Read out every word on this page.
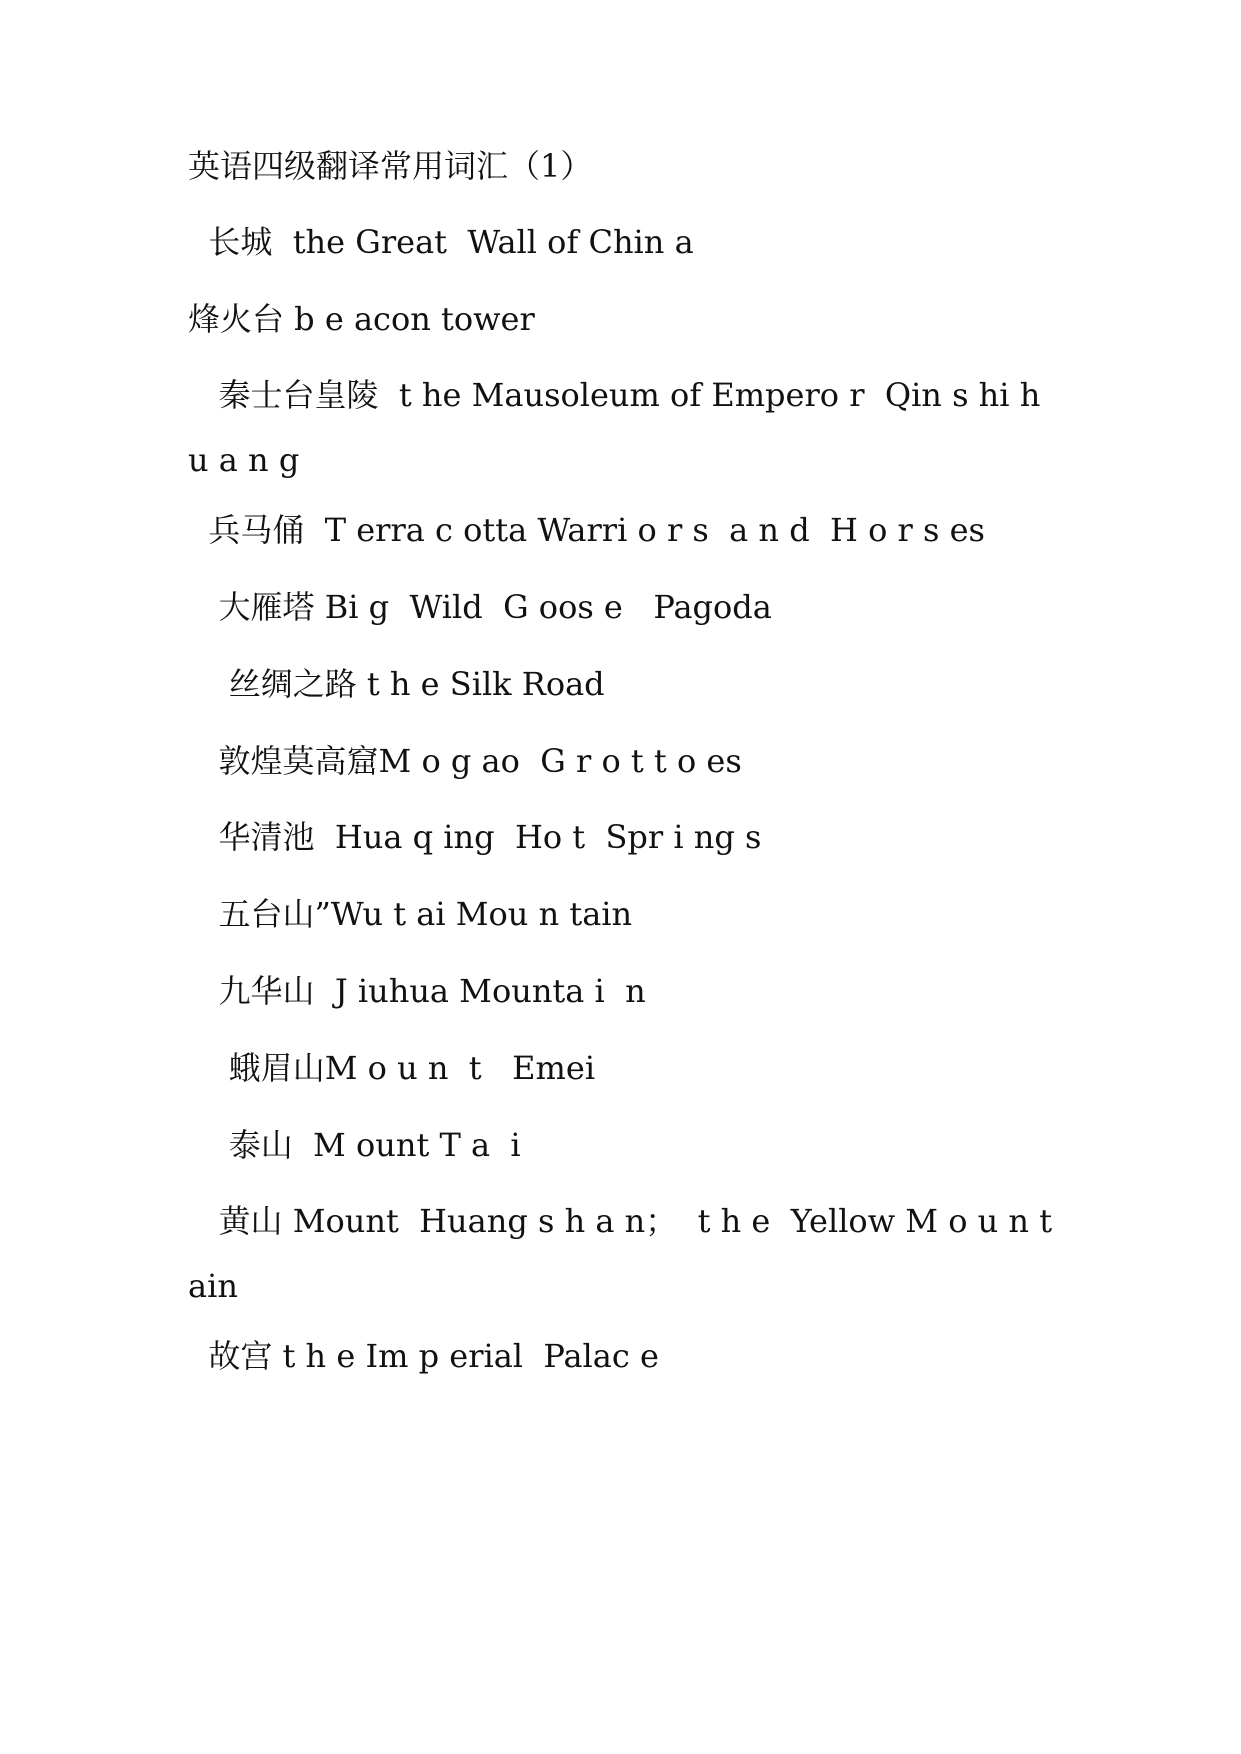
英语四级翻译常用词汇（1）

长城  the Great  Wall of Chin a

烽火台 b e acon tower

秦士台皇陵  t he Mausoleum of Empero r  Qin s hi h u a n g

兵马俑  T erra c otta Warri o r s  a n d  H o r s es

大雁塔 Bi g  Wild  G oos e   Pagoda

丝绸之路 t h e Silk Road

敦煌莫高窟M o g ao  G r o t t o es

华清池  Hua q ing  Ho t  Spr i ng s

五台山”Wu t ai Mou n tain

九华山  J iuhua Mounta i  n

蛾眉山M o u n  t   Emei

泰山  M ount T a  i

黄山 Mount  Huang s h a n；  t h e  Yellow M o u n t ain

故宫 t h e Im p erial  Palac e
